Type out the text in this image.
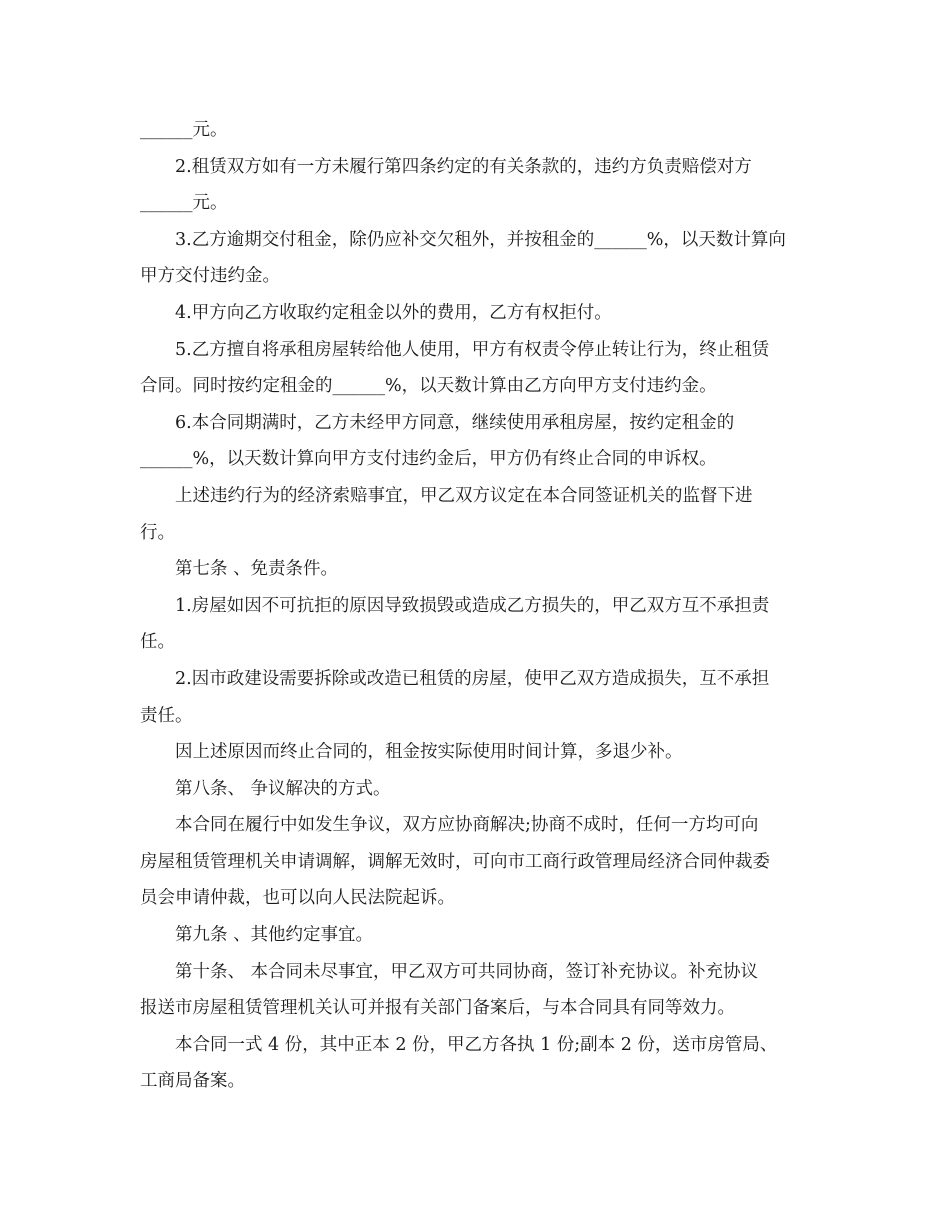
______元。
2.租赁双方如有一方未履行第四条约定的有关条款的，违约方负责赔偿对方
______元。
3.乙方逾期交付租金，除仍应补交欠租外，并按租金的______%，以天数计算向
甲方交付违约金。
4.甲方向乙方收取约定租金以外的费用，乙方有权拒付。
5.乙方擅自将承租房屋转给他人使用，甲方有权责令停止转让行为，终止租赁
合同。同时按约定租金的______%，以天数计算由乙方向甲方支付违约金。
6.本合同期满时，乙方未经甲方同意，继续使用承租房屋，按约定租金的
______%，以天数计算向甲方支付违约金后，甲方仍有终止合同的申诉权。
上述违约行为的经济索赔事宜，甲乙双方议定在本合同签证机关的监督下进
行。
第七条 、免责条件。
1.房屋如因不可抗拒的原因导致损毁或造成乙方损失的，甲乙双方互不承担责
任。
2.因市政建设需要拆除或改造已租赁的房屋，使甲乙双方造成损失，互不承担
责任。
因上述原因而终止合同的，租金按实际使用时间计算，多退少补。
第八条、 争议解决的方式。
本合同在履行中如发生争议，双方应协商解决;协商不成时，任何一方均可向
房屋租赁管理机关申请调解，调解无效时，可向市工商行政管理局经济合同仲裁委
员会申请仲裁，也可以向人民法院起诉。
第九条 、其他约定事宜。
第十条、 本合同未尽事宜，甲乙双方可共同协商，签订补充协议。补充协议
报送市房屋租赁管理机关认可并报有关部门备案后，与本合同具有同等效力。
本合同一式 4 份，其中正本 2 份，甲乙方各执 1 份;副本 2 份，送市房管局、
工商局备案。
